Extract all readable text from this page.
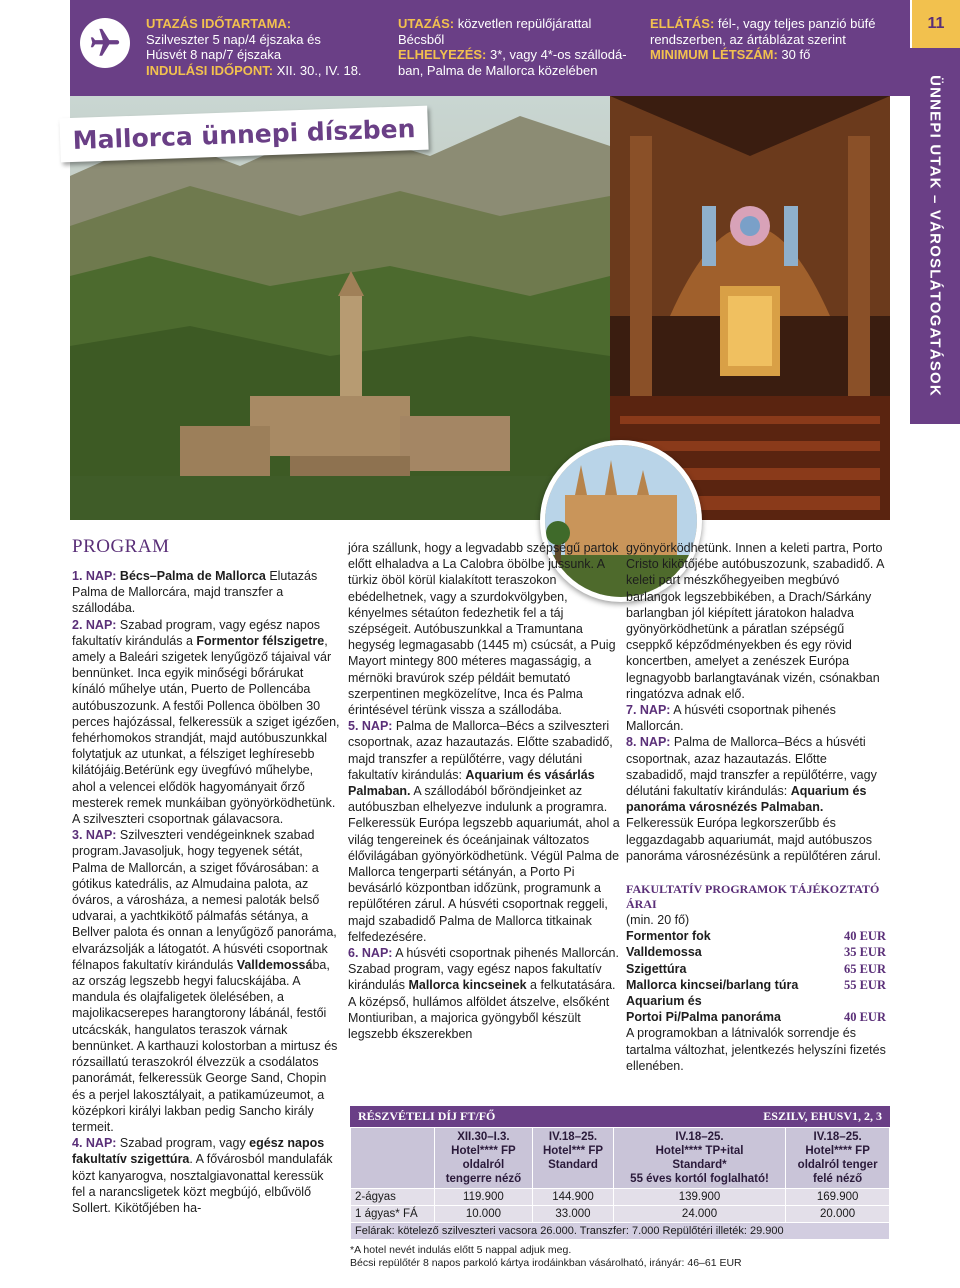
UTAZÁS IDŐTARTAMA:
Szilveszter 5 nap/4 éjszaka és
Húsvét 8 nap/7 éjszaka
INDULÁSI IDŐPONT: XII. 30., IV. 18.
UTAZÁS: közvetlen repülőjárattal
Bécsből
ELHELYEZÉS: 3*, vagy 4*-os szállodá-
ban, Palma de Mallorca közelében
ELLÁTÁS: fél-, vagy teljes panzió büfé
rendszerben, az ártáblázat szerint
MINIMUM LÉTSZÁM: 30 fő
11
ÜNNEPI UTAK – VÁROSLÁTOGATÁSOK
Mallorca ünnepi díszben
PROGRAM
1. NAP: Bécs–Palma de Mallorca Elutazás Palma de Mallorcára, majd transzfer a szállodába.
2. NAP: Szabad program, vagy egész napos fakultatív kirándulás a Formentor félszigetre, amely a Baleári szigetek lenyűgöző tájaival vár bennünket. Inca egyik minőségi bőrárukat kínáló műhelye után, Puerto de Pollencába autóbuszozunk. A festői Pollenca öbölben 30 perces hajózással, felkeressük a sziget igézően, fehérhomokos strandját, majd autóbuszunkkal folytatjuk az utunkat, a félsziget leghíresebb kilátójáig.Betérünk egy üvegfúvó műhelybe, ahol a velencei elődök hagyományait őrző mesterek remek munkáiban gyönyörködhetünk. A szilveszteri csoportnak gálavacsora.
3. NAP: Szilveszteri vendégeinknek szabad program.Javasoljuk, hogy tegyenek sétát, Palma de Mallorcán, a sziget fővárosában: a gótikus katedrális, az Almudaina palota, az óváros, a városháza, a nemesi paloták belső udvarai, a yachtkikötő pálmafás sétánya, a Bellver palota és onnan a lenyűgöző panoráma, elvarázsolják a látogatót. A húsvéti csoportnak félnapos fakultatív kirándulás Valldemossába, az ország legszebb hegyi falucskájába. A mandula és olajfaligetek ölelésében, a majolikacserepes harangtorony lábánál, festői utcácskák, hangulatos teraszok várnak bennünket. A karthauzi kolostorban a mirtusz és rózsaillatú teraszokról élvezzük a csodálatos panorámát, felkeressük George Sand, Chopin és a perjel lakosztályait, a patikamúzeumot, a középkori királyi lakban pedig Sancho király termeit.
4. NAP: Szabad program, vagy egész napos fakultatív szigettúra. A fővárosból mandulafák közt kanyarogva, nosztalgiavonattal keressük fel a narancsligetek közt megbújó, elbűvölő Sollert. Kikötőjében ha-
jóra szállunk, hogy a legvadabb szépségű partok előtt elhaladva a La Calobra öbölbe jussunk. A türkiz öböl körül kialakított teraszokon ebédelhetnek, vagy a szurdokvölgyben, kényelmes sétaúton fedezhetik fel a táj szépségeit. Autóbuszunkkal a Tramuntana hegység legmagasabb (1445 m) csúcsát, a Puig Mayort mintegy 800 méteres magasságig, a mérnöki bravúrok szép példáit bemutató szerpentinen megközelítve, Inca és Palma érintésével térünk vissza a szállodába.
5. NAP: Palma de Mallorca–Bécs a szilveszteri csoportnak, azaz hazautazás. Előtte szabadidő, majd transzfer a repülőtérre, vagy délutáni fakultatív kirándulás: Aquarium és vásárlás Palmaban. A szállodából bőröndjeinket az autóbuszban elhelyezve indulunk a programra. Felkeressük Európa legszebb aquariumát, ahol a világ tengereinek és óceánjainak változatos élővilágában gyönyörködhetünk. Végül Palma de Mallorca tengerparti sétányán, a Porto Pi bevásárló központban időzünk, programunk a repülőtéren zárul. A húsvéti csoportnak reggeli, majd szabadidő Palma de Mallorca titkainak felfedezésére.
6. NAP: A húsvéti csoportnak pihenés Mallorcán. Szabad program, vagy egész napos fakultatív kirándulás Mallorca kincseinek a felkutatására. A középső, hullámos alföldet átszelve, elsőként Montiuriban, a majorica gyöngyből készült legszebb ékszerekben
gyönyörködhetünk. Innen a keleti partra, Porto Cristo kikötőjébe autóbuszozunk, szabadidő. A keleti part mészkőhegyeiben megbúvó barlangok legszebbikében, a Drach/Sárkány barlangban jól kiépített járatokon haladva gyönyörködhetünk a páratlan szépségű cseppkő képződményekben és egy rövid koncertben, amelyet a zenészek Európa legnagyobb barlangtavának vizén, csónakban ringatózva adnak elő.
7. NAP: A húsvéti csoportnak pihenés Mallorcán.
8. NAP: Palma de Mallorca–Bécs a húsvéti csoportnak, azaz hazautazás. Előtte szabadidő, majd transzfer a repülőtérre, vagy délutáni fakultatív kirándulás: Aquarium és panoráma városnézés Palmaban. Felkeressük Európa legkorszerűbb és leggazdagabb aquariumát, majd autóbuszos panoráma városnézésünk a repülőtéren zárul.
FAKULTATÍV PROGRAMOK TÁJÉKOZTATÓ ÁRAI
(min. 20 fő)
Formentor fok	40 EUR
Valldemossa	35 EUR
Szigettúra	65 EUR
Mallorca kincsei/barlang túra	55 EUR
Aquarium és
Portoi Pi/Palma panoráma	40 EUR
A programokban a látnivalók sorrendje és tartalma változhat, jelentkezés helyszíni fizetés ellenében.
RÉSZVÉTELI DÍJ FT/FŐ	ESZILV, EHUSV1, 2, 3
	XII.30–I.3.
Hotel**** FP
oldalról
tengerre néző	IV.18–25.
Hotel*** FP
Standard	IV.18–25.
Hotel**** TP+ital
Standard*
55 éves kortól foglalható!	IV.18–25.
Hotel**** FP
oldalról tenger
felé néző
2-ágyas	119.900	144.900	139.900	169.900
1 ágyas* FÁ	10.000	33.000	24.000	20.000
Felárak: kötelező szilveszteri vacsora 26.000. Transzfer: 7.000 Repülőtéri illeték: 29.900				
*A hotel nevét indulás előtt 5 nappal adjuk meg.
Bécsi repülőtér 8 napos parkoló kártya irodáinkban vásárolható, irányár: 46–61 EUR
